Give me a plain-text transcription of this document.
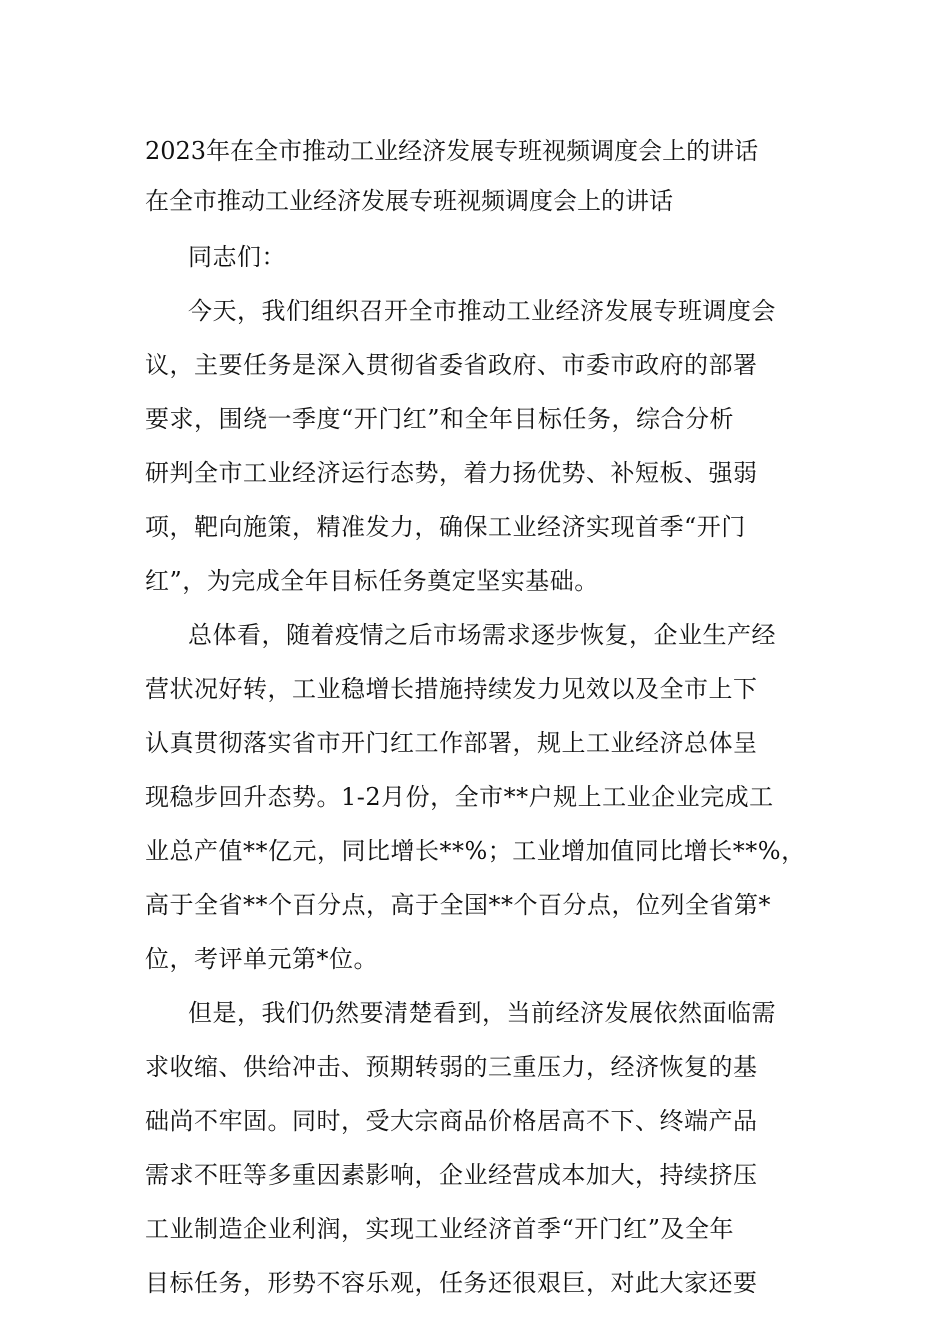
2023年在全市推动工业经济发展专班视频调度会上的讲话
在全市推动工业经济发展专班视频调度会上的讲话
同志们：
今天，我们组织召开全市推动工业经济发展专班调度会
议，主要任务是深入贯彻省委省政府、市委市政府的部署
要求，围绕一季度“开门红”和全年目标任务，综合分析
研判全市工业经济运行态势，着力扬优势、补短板、强弱
项，靶向施策，精准发力，确保工业经济实现首季“开门
红”，为完成全年目标任务奠定坚实基础。
总体看，随着疫情之后市场需求逐步恢复，企业生产经
营状况好转，工业稳增长措施持续发力见效以及全市上下
认真贯彻落实省市开门红工作部署，规上工业经济总体呈
现稳步回升态势。1-2月份，全市**户规上工业企业完成工
业总产值**亿元，同比增长**%；工业增加值同比增长**%，
高于全省**个百分点，高于全国**个百分点，位列全省第*
位，考评单元第*位。
但是，我们仍然要清楚看到，当前经济发展依然面临需
求收缩、供给冲击、预期转弱的三重压力，经济恢复的基
础尚不牢固。同时，受大宗商品价格居高不下、终端产品
需求不旺等多重因素影响，企业经营成本加大，持续挤压
工业制造企业利润，实现工业经济首季“开门红”及全年
目标任务，形势不容乐观，任务还很艰巨，对此大家还要
